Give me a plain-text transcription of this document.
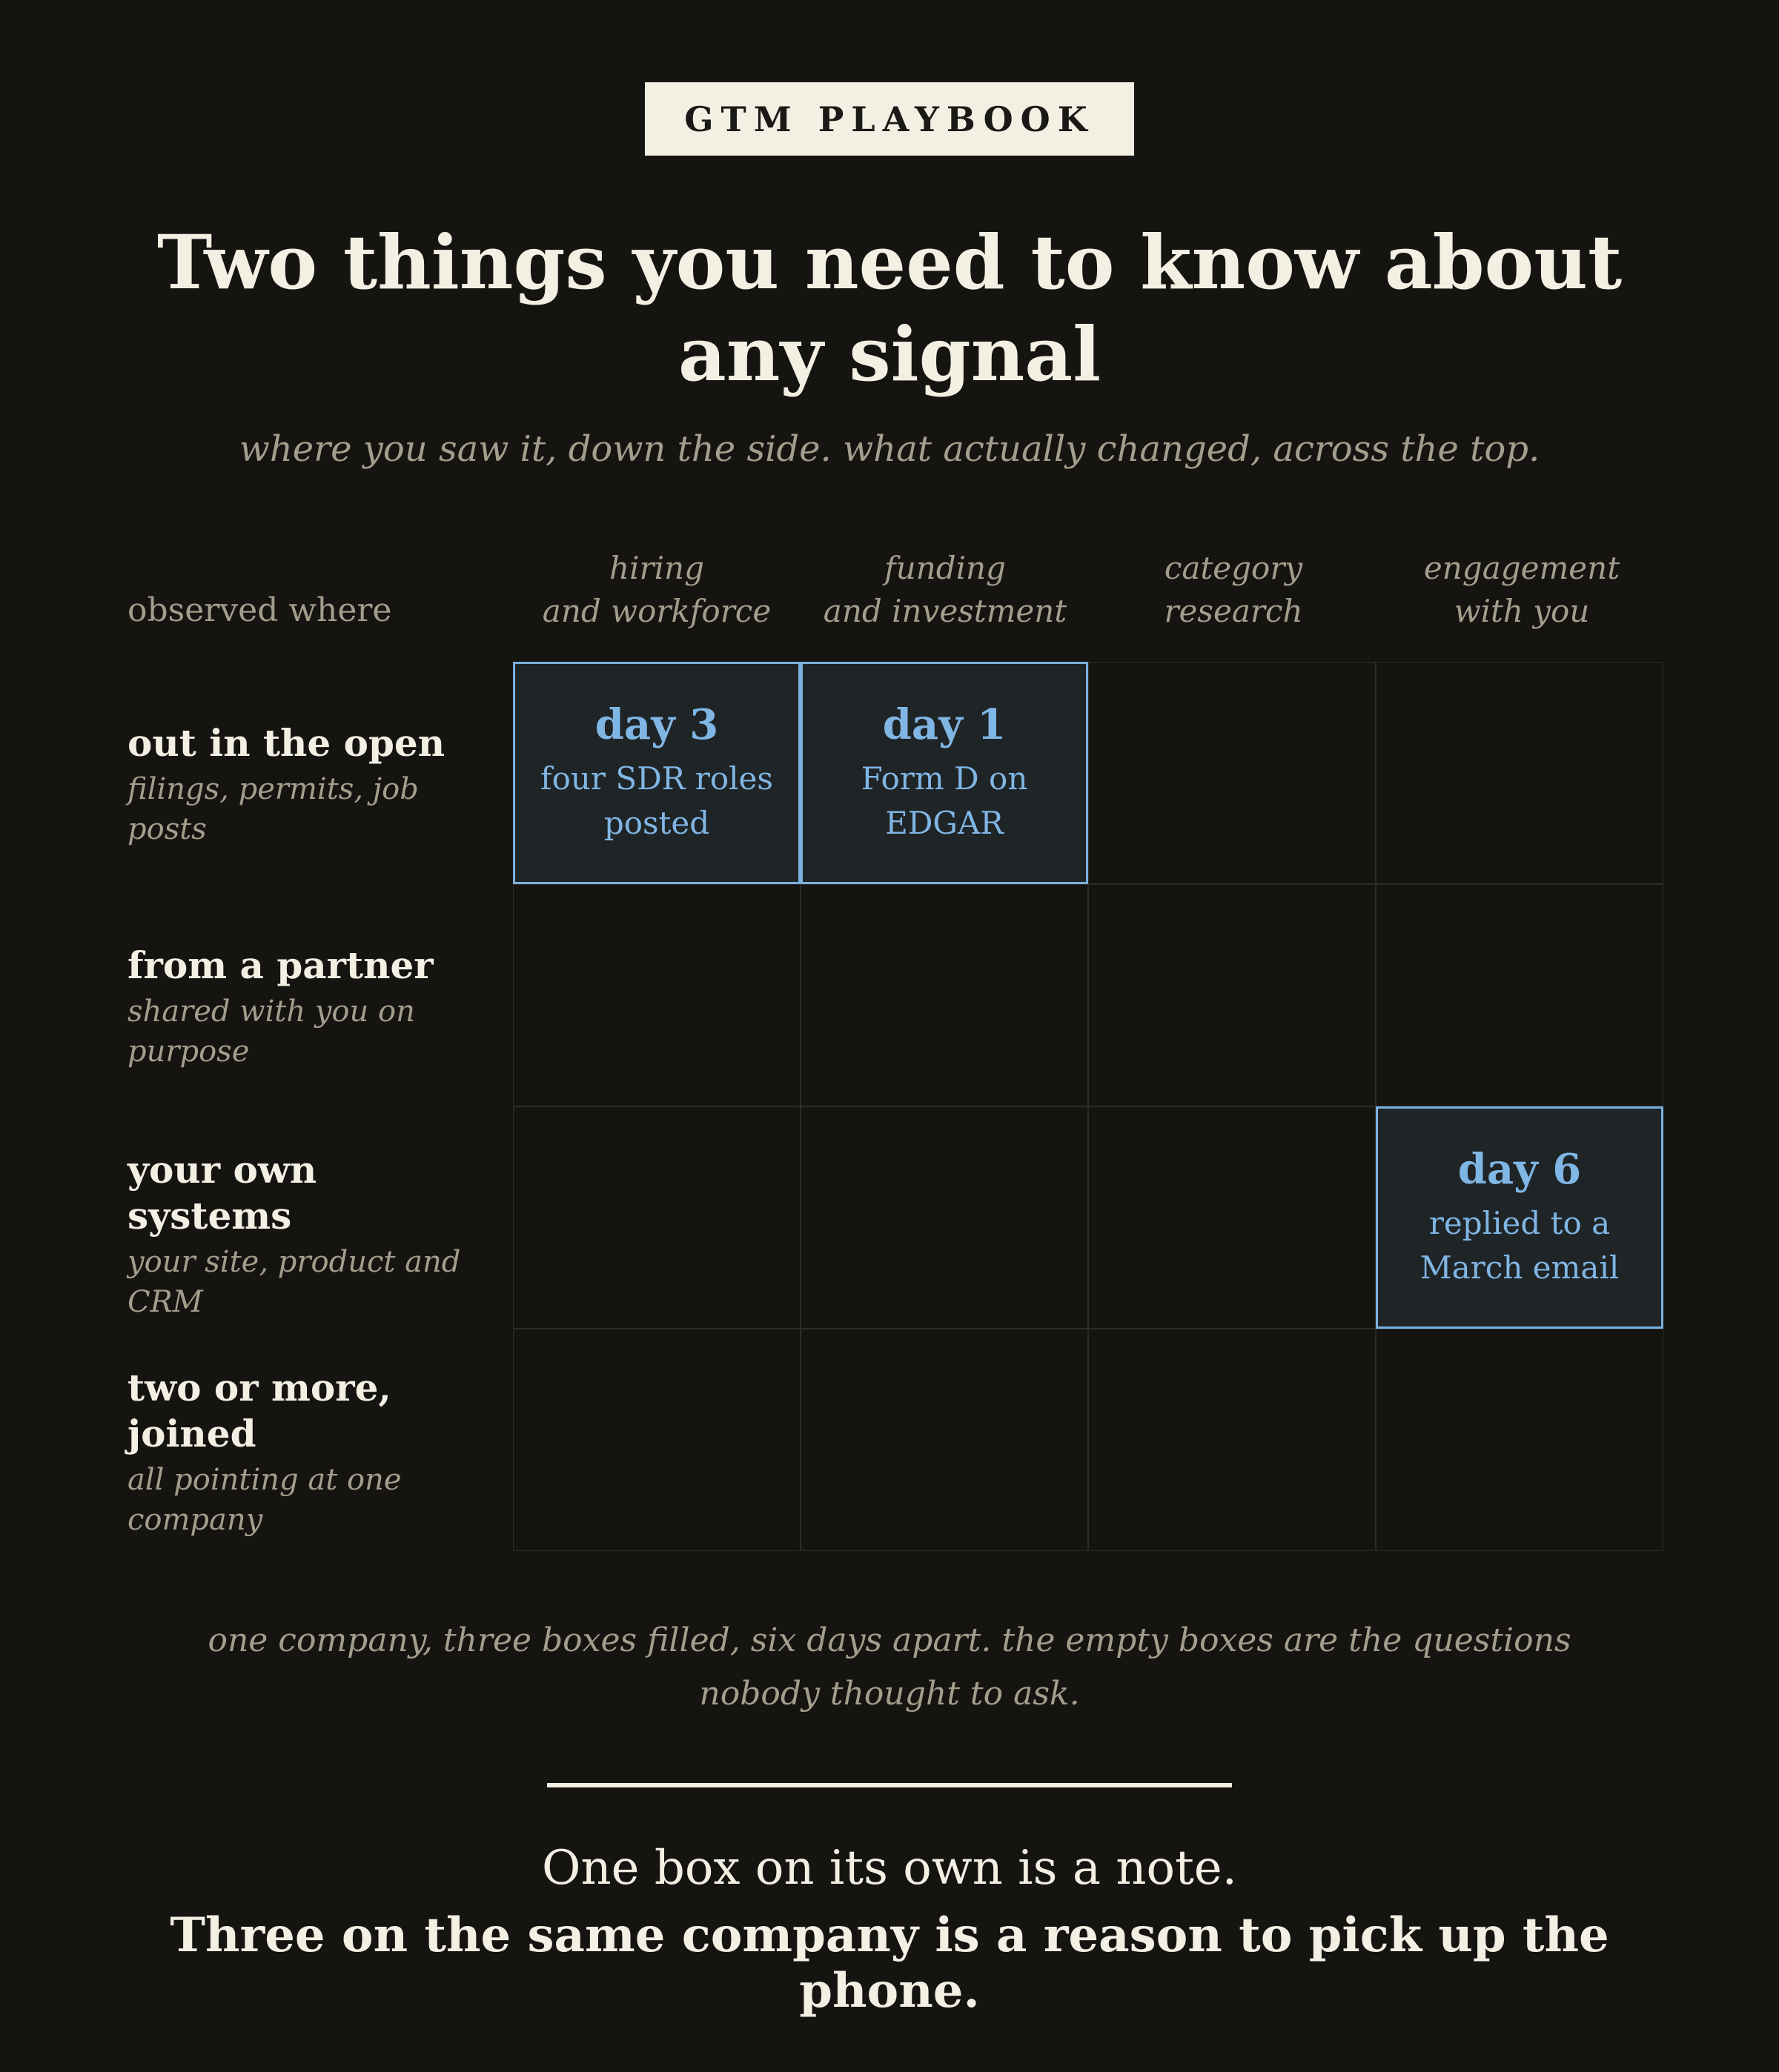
GTM PLAYBOOK
Two things you need to know about any signal
where you saw it, down the side. what actually changed, across the top.
observed where
hiring
and workforce
funding
and investment
category
research
engagement
with you
out in the open
filings, permits, job posts
from a partner
shared with you on purpose
your own systems
your site, product and CRM
two or more, joined
all pointing at one company
day 3
four SDR roles posted
day 1
Form D on EDGAR
day 6
replied to a March email
one company, three boxes filled, six days apart. the empty boxes are the questions nobody thought to ask.
One box on its own is a note.
Three on the same company is a reason to pick up the phone.
